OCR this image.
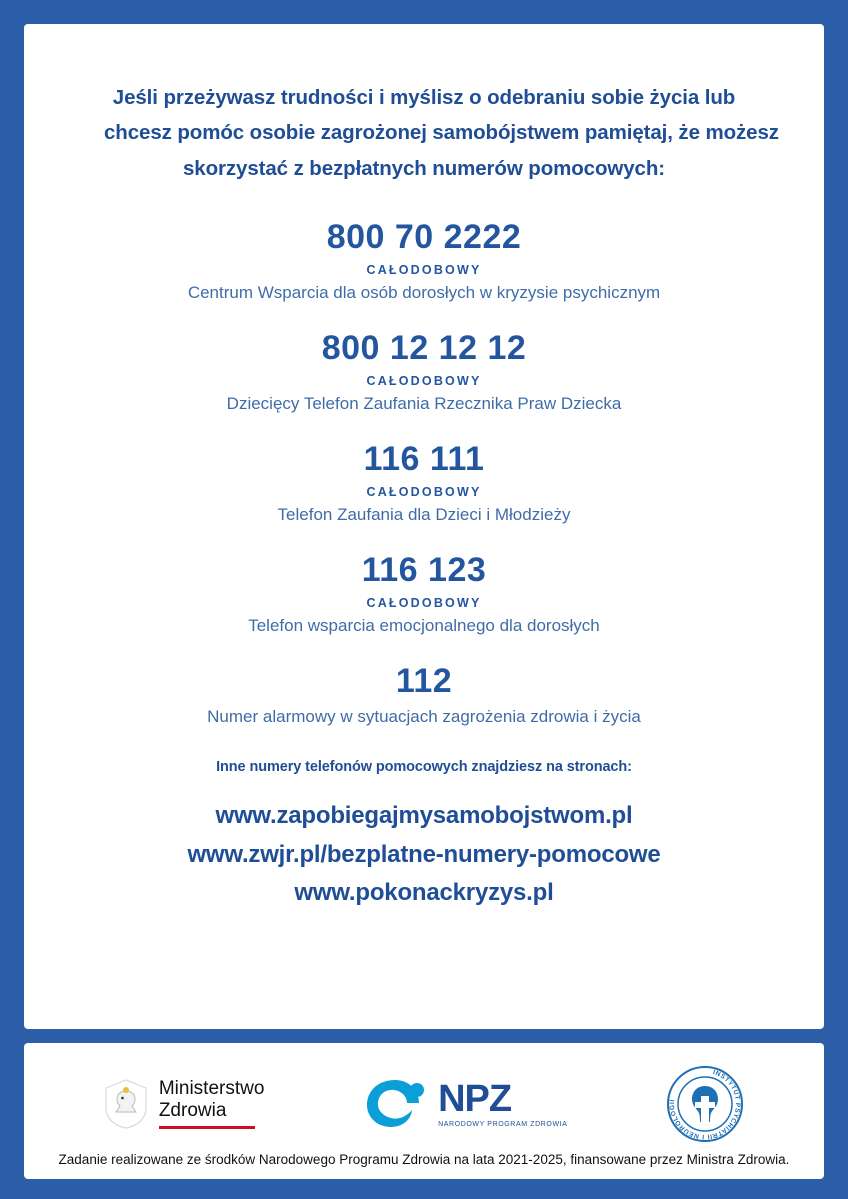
Jeśli przeżywasz trudności i myślisz o odebraniu sobie życia lub
chcesz pomóc osobie zagrożonej samobójstwem pamiętaj, że możesz
skorzystać z bezpłatnych numerów pomocowych:
800 70 2222
CAŁODOBOWY
Centrum Wsparcia dla osób dorosłych w kryzysie psychicznym
800 12 12 12
CAŁODOBOWY
Dziecięcy Telefon Zaufania Rzecznika Praw Dziecka
116 111
CAŁODOBOWY
Telefon Zaufania dla Dzieci i Młodzieży
116 123
CAŁODOBOWY
Telefon wsparcia emocjonalnego dla dorosłych
112
Numer alarmowy w sytuacjach zagrożenia zdrowia i życia
Inne numery telefonów pomocowych znajdziesz na stronach:
www.zapobiegajmysamobojstwom.pl
www.zwjr.pl/bezplatne-numery-pomocowe
www.pokonackryzys.pl
Ministerstwo
Zdrowia	NPZ
NARODOWY PROGRAM ZDROWIA
INSTYTUT PSYCHIATRII I NEUROLOGII
Zadanie realizowane ze środków Narodowego Programu Zdrowia na lata 2021-2025, finansowane przez Ministra Zdrowia.
